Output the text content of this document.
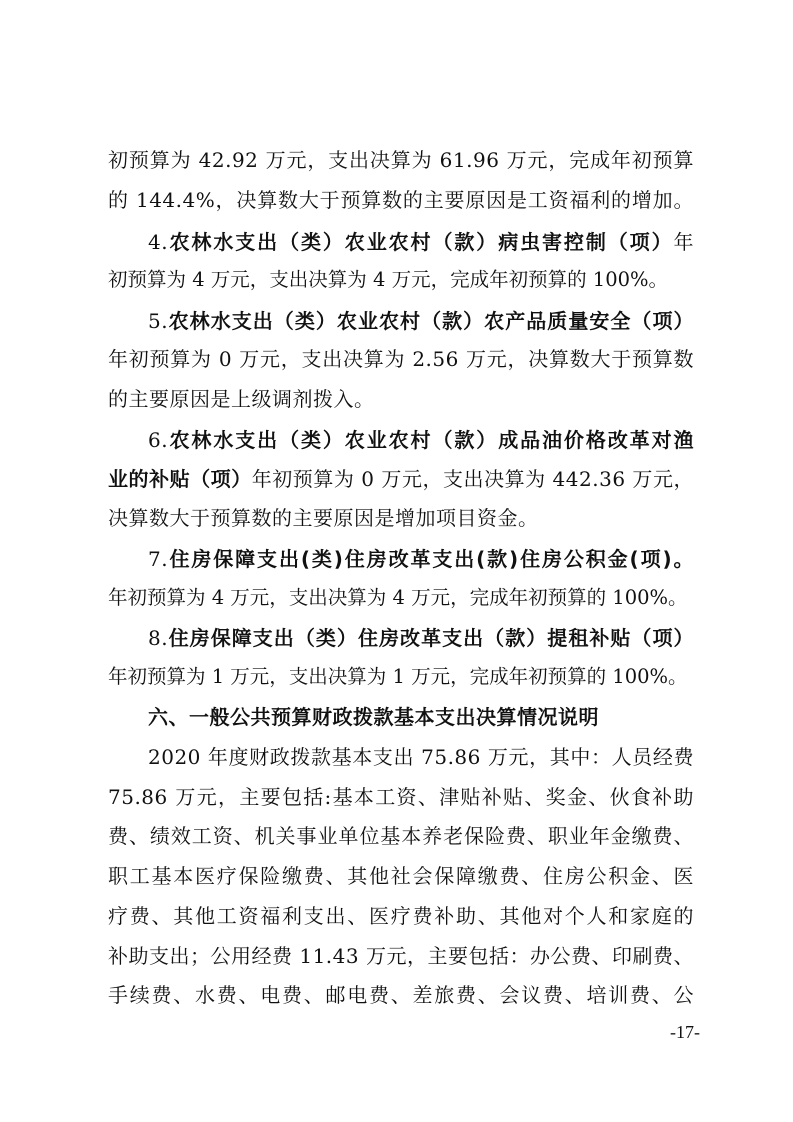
初预算为 42.92 万元，支出决算为 61.96 万元，完成年初预算
的 144.4%，决算数大于预算数的主要原因是工资福利的增加。
4.农林水支出（类）农业农村（款）病虫害控制（项）年
初预算为 4 万元，支出决算为 4 万元，完成年初预算的 100%。
5.农林水支出（类）农业农村（款）农产品质量安全（项）
年初预算为 0 万元，支出决算为 2.56 万元，决算数大于预算数
的主要原因是上级调剂拨入。
6.农林水支出（类）农业农村（款）成品油价格改革对渔
业的补贴（项）年初预算为 0 万元，支出决算为 442.36 万元，
决算数大于预算数的主要原因是增加项目资金。
7.住房保障支出(类)住房改革支出(款)住房公积金(项)。
年初预算为 4 万元，支出决算为 4 万元，完成年初预算的 100%。
8.住房保障支出（类）住房改革支出（款）提租补贴（项）
年初预算为 1 万元，支出决算为 1 万元，完成年初预算的 100%。
六、一般公共预算财政拨款基本支出决算情况说明
2020 年度财政拨款基本支出 75.86 万元，其中：人员经费
75.86 万元，主要包括:基本工资、津贴补贴、奖金、伙食补助
费、绩效工资、机关事业单位基本养老保险费、职业年金缴费、
职工基本医疗保险缴费、其他社会保障缴费、住房公积金、医
疗费、其他工资福利支出、医疗费补助、其他对个人和家庭的
补助支出；公用经费 11.43 万元，主要包括：办公费、印刷费、
手续费、水费、电费、邮电费、差旅费、会议费、培训费、公
-17-
